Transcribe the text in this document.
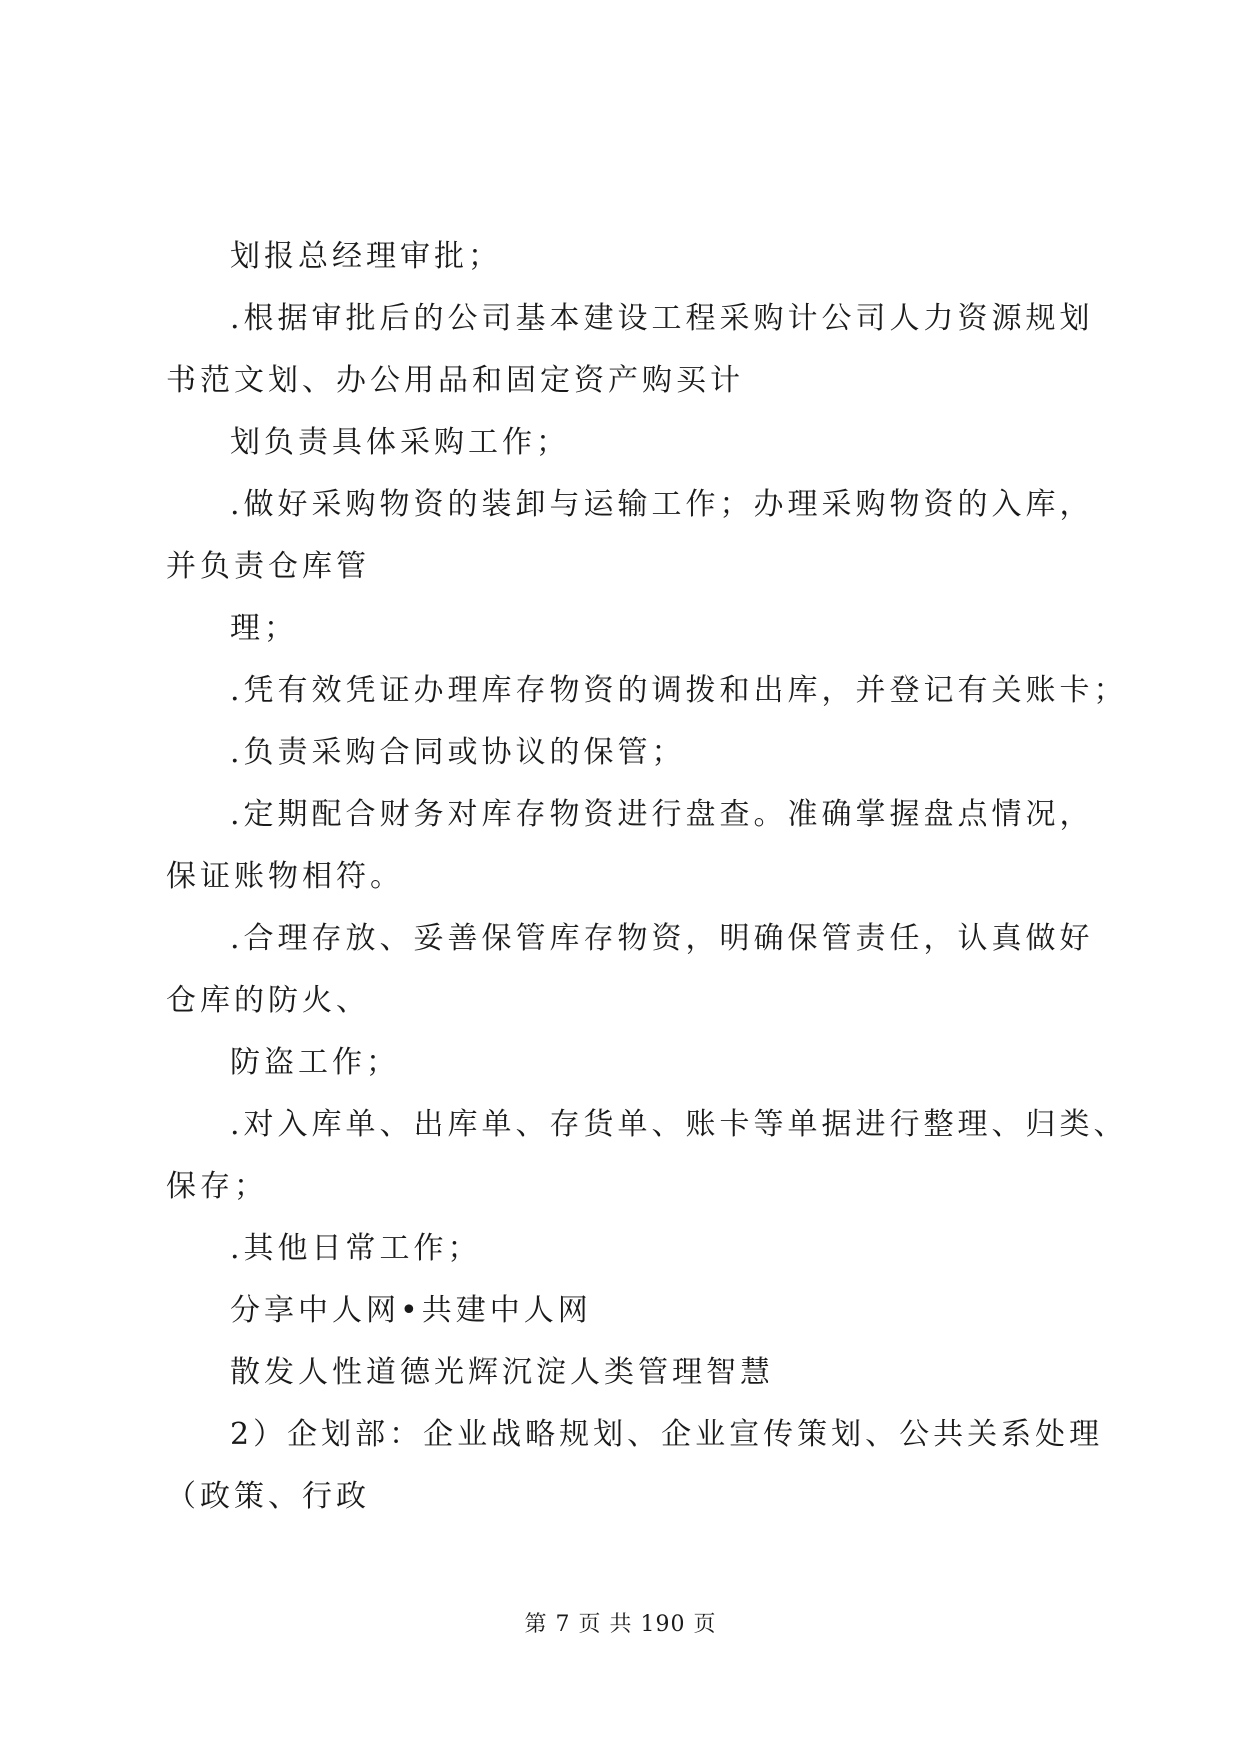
划报总经理审批；
.根据审批后的公司基本建设工程采购计公司人力资源规划
书范文划、办公用品和固定资产购买计
划负责具体采购工作；
.做好采购物资的装卸与运输工作；办理采购物资的入库，
并负责仓库管
理；
.凭有效凭证办理库存物资的调拨和出库，并登记有关账卡；
.负责采购合同或协议的保管；
.定期配合财务对库存物资进行盘查。准确掌握盘点情况，
保证账物相符。
.合理存放、妥善保管库存物资，明确保管责任，认真做好
仓库的防火、
防盗工作；
.对入库单、出库单、存货单、账卡等单据进行整理、归类、
保存；
.其他日常工作；
分享中人网•共建中人网
散发人性道德光辉沉淀人类管理智慧
2）企划部：企业战略规划、企业宣传策划、公共关系处理
（政策、行政
第 7 页 共 190 页
